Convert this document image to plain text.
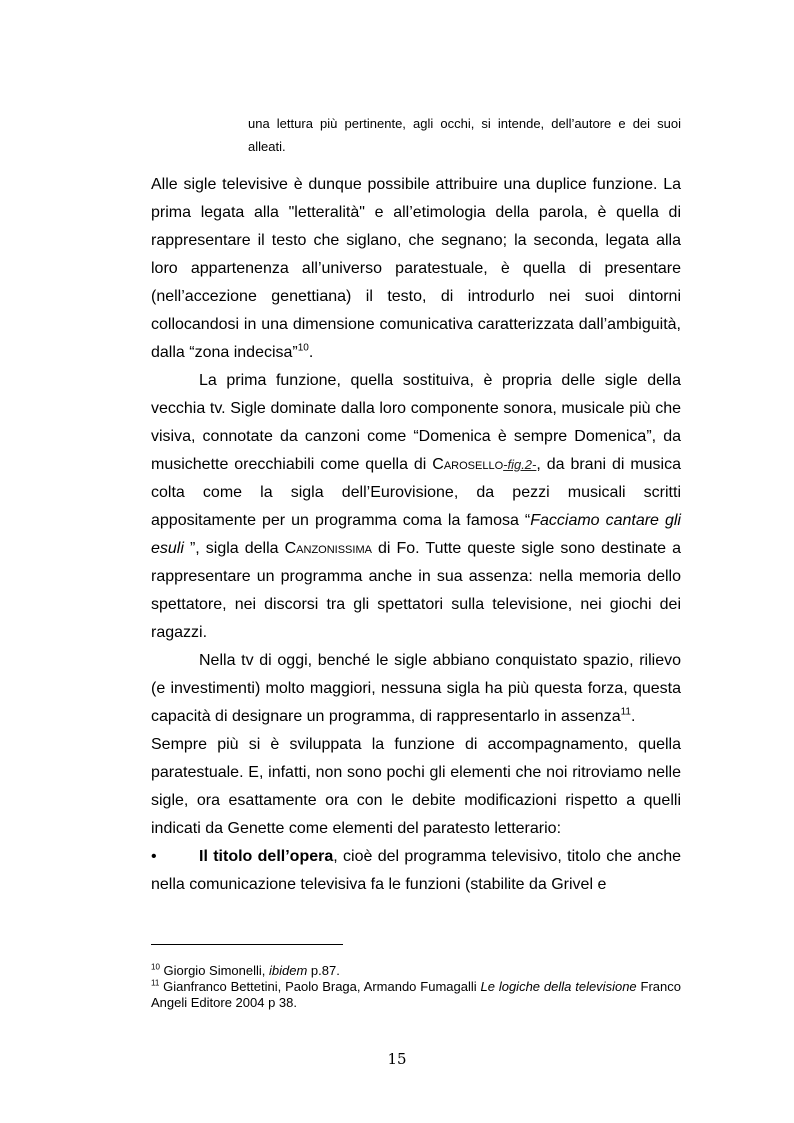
una lettura più pertinente, agli occhi, si intende, dell’autore e dei suoi alleati.

Alle sigle televisive è dunque possibile attribuire una duplice funzione. La prima legata alla "letteralità" e all’etimologia della parola, è quella di rappresentare il testo che siglano, che segnano; la seconda, legata alla loro appartenenza all’universo paratestuale, è quella di presentare (nell’accezione genettiana) il testo, di introdurlo nei suoi dintorni collocandosi in una dimensione comunicativa caratterizzata dall’ambiguità, dalla “zona indecisa”$^{10}$.

La prima funzione, quella sostituiva, è propria delle sigle della vecchia tv. Sigle dominate dalla loro componente sonora, musicale più che visiva, connotate da canzoni come “Domenica è sempre Domenica”, da musichette orecchiabili come quella di Carosello-fig.2-, da brani di musica colta come la sigla dell’Eurovisione, da pezzi musicali scritti appositamente per un programma coma la famosa “Facciamo cantare gli esuli ”, sigla della Canzonissima di Fo. Tutte queste sigle sono destinate a rappresentare un programma anche in sua assenza: nella memoria dello spettatore, nei discorsi tra gli spettatori sulla televisione, nei giochi dei ragazzi.

Nella tv di oggi, benché le sigle abbiano conquistato spazio, rilievo (e investimenti) molto maggiori, nessuna sigla ha più questa forza, questa capacità di designare un programma, di rappresentarlo in assenza$^{11}$.

Sempre più si è sviluppata la funzione di accompagnamento, quella paratestuale. E, infatti, non sono pochi gli elementi che noi ritroviamo nelle sigle, ora esattamente ora con le debite modificazioni rispetto a quelli indicati da Genette come elementi del paratesto letterario:

•	Il titolo dell’opera, cioè del programma televisivo, titolo che anche nella comunicazione televisiva fa le funzioni (stabilite da Grivel e

$^{10}$ Giorgio Simonelli, ibidem p.87.

$^{11}$ Gianfranco Bettetini, Paolo Braga, Armando Fumagalli Le logiche della televisione Franco Angeli Editore 2004 p 38.

15
